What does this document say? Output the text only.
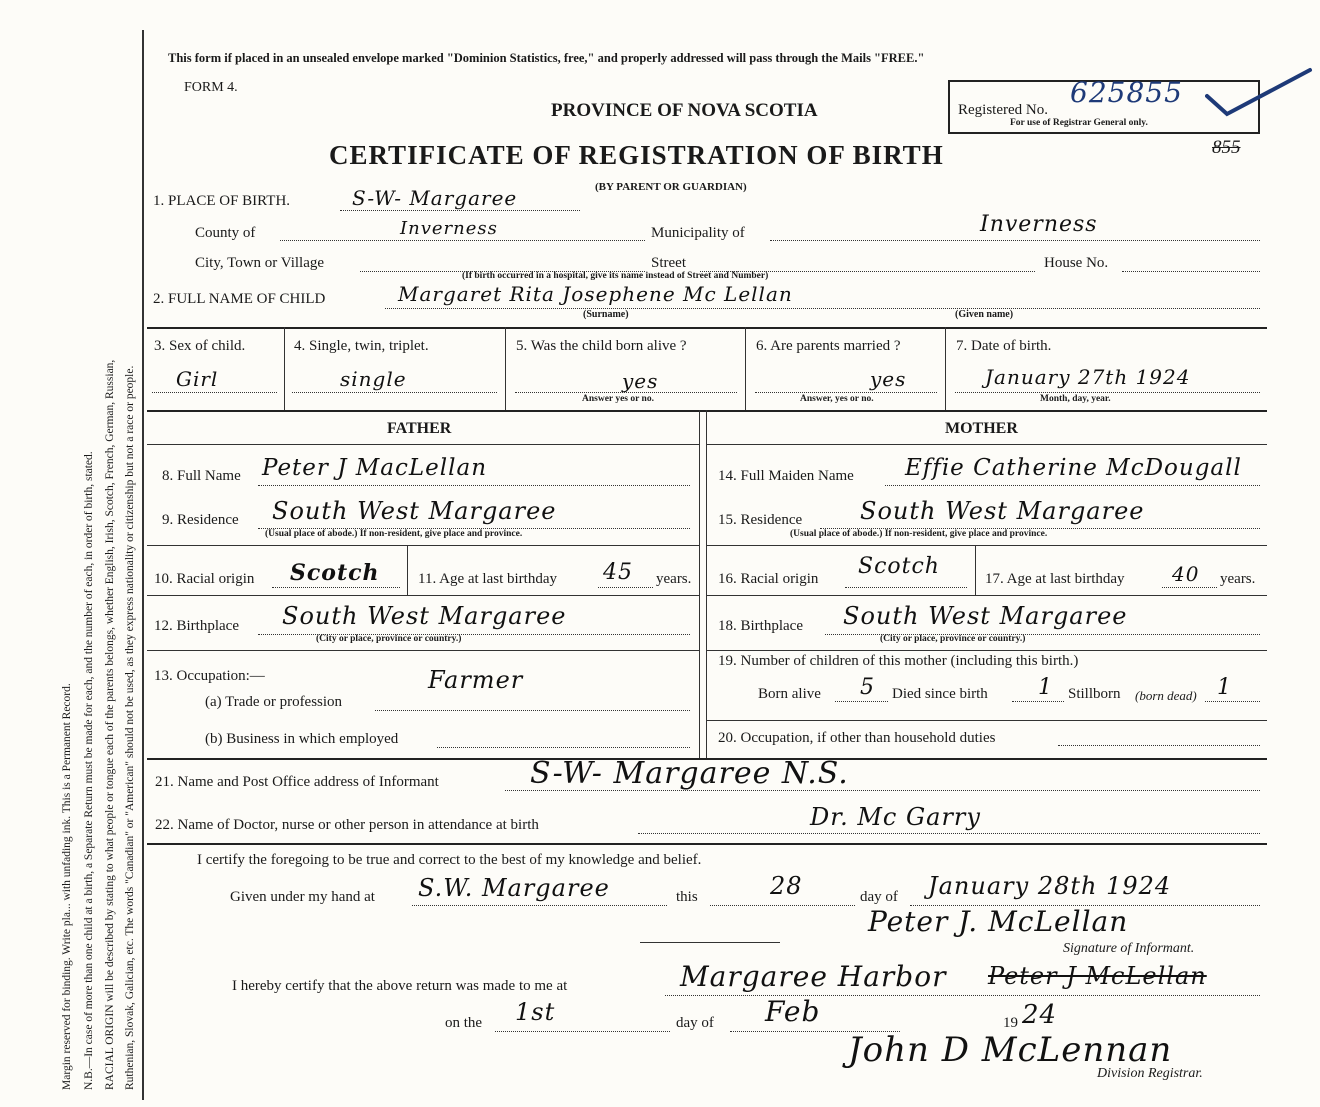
Margin reserved for binding. Write pla... with unfading ink. This is a Permanent Record. N.B.—In case of more than one child at a birth, a Separate Return must be made for each, and the number of each, in order of birth, stated. RACIAL ORIGIN will be described by stating to what people or tongue each of the parents belongs, whether English, Irish, Scotch, French, German, Russian, Ruthenian, Slovak, Galician, etc. The words "Canadian" or "American" should not be used, as they express nationality or citizenship but not a race or people.
This form if placed in an unsealed envelope marked "Dominion Statistics, free," and properly addressed will pass through the Mails "FREE."
FORM 4.
PROVINCE OF NOVA SCOTIA	Registered No.
625855
For use of Registrar General only.
855
CERTIFICATE OF REGISTRATION OF BIRTH
(BY PARENT OR GUARDIAN)
1. PLACE OF BIRTH.	S-W- Margaree
County of	Inverness	Municipality of	Inverness
City, Town or Village	Street	House No.
(If birth occurred in a hospital, give its name instead of Street and Number)
2. FULL NAME OF CHILD	Margaret Rita Josephene Mc Lellan
(Surname)	(Given name)
3. Sex of child.
Girl
4. Single, twin, triplet.
single
5. Was the child born alive ?
yes
Answer yes or no.
6. Are parents married ?
yes
Answer, yes or no.
7. Date of birth.
January 27th 1924
Month, day, year.
FATHER	MOTHER
8. Full Name Peter J MacLellan	14. Full Maiden Name Effie Catherine McDougall
9. Residence South West Margaree
(Usual place of abode.) If non-resident, give place and province.
15. Residence South West Margaree
(Usual place of abode.) If non-resident, give place and province.
10. Racial origin Scotch	11. Age at last birthday 45 years. 16. Racial origin Scotch	17. Age at last birthday 40 years.
12. Birthplace South West Margaree
(City or place, province or country.)
18. Birthplace South West Margaree
(City or place, province or country.)
13. Occupation:—
(a) Trade or profession
Farmer
(b) Business in which employed
19. Number of children of this mother (including this birth.)
Born alive 5 Died since birth 1 Stillborn (born dead) 1
20. Occupation, if other than household duties
21. Name and Post Office address of Informant	S-W- Margaree N.S.
22. Name of Doctor, nurse or other person in attendance at birth	Dr. Mc Garry
I certify the foregoing to be true and correct to the best of my knowledge and belief.
Given under my hand at S.W. Margaree	this	28	day of January 28th 1924
Peter J. McLellan
Signature of Informant.
I hereby certify that the above return was made to me at	Margaree Harbor Peter J McLellan
on the 1st	day of Feb	19 24
John D McLennan
Division Registrar.
